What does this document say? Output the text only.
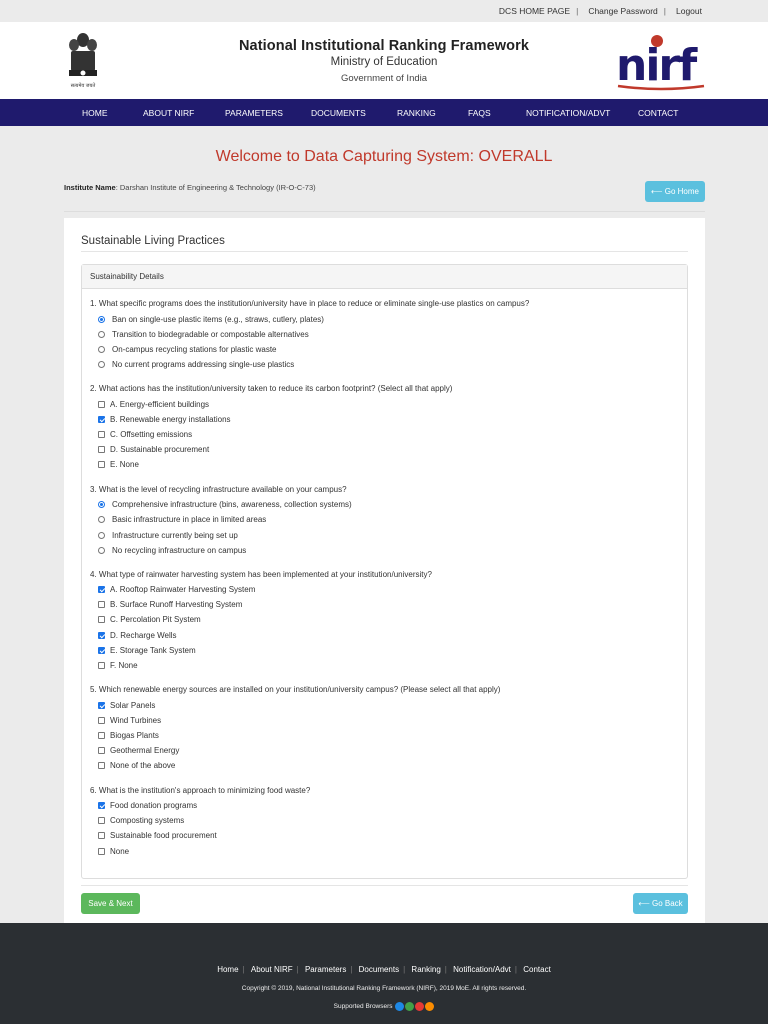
DCS HOME PAGE | Change Password | Logout
सत्यमेव जयते
National Institutional Ranking Framework
Ministry of Education
Government of India	nirf
HOME	ABOUT NIRF	PARAMETERS	DOCUMENTS	RANKING	FAQS	NOTIFICATION/ADVT	CONTACT
Welcome to Data Capturing System: OVERALL
Institute Name: Darshan Institute of Engineering & Technology (IR-O-C-73)	⟵ Go Home
Sustainable Living Practices
Sustainability Details
1. What specific programs does the institution/university have in place to reduce or eliminate single-use plastics on campus?
Ban on single-use plastic items (e.g., straws, cutlery, plates)
Transition to biodegradable or compostable alternatives
On-campus recycling stations for plastic waste
No current programs addressing single-use plastics
2. What actions has the institution/university taken to reduce its carbon footprint? (Select all that apply)
A. Energy-efficient buildings
B. Renewable energy installations
C. Offsetting emissions
D. Sustainable procurement
E. None
3. What is the level of recycling infrastructure available on your campus?
Comprehensive infrastructure (bins, awareness, collection systems)
Basic infrastructure in place in limited areas
Infrastructure currently being set up
No recycling infrastructure on campus
4. What type of rainwater harvesting system has been implemented at your institution/university?
A. Rooftop Rainwater Harvesting System
B. Surface Runoff Harvesting System
C. Percolation Pit System
D. Recharge Wells
E. Storage Tank System
F. None
5. Which renewable energy sources are installed on your institution/university campus? (Please select all that apply)
Solar Panels
Wind Turbines
Biogas Plants
Geothermal Energy
None of the above
6. What is the institution's approach to minimizing food waste?
Food donation programs
Composting systems
Sustainable food procurement
None
Save & Next	⟵ Go Back
Home | About NIRF | Parameters | Documents | Ranking | Notification/Advt | Contact
Copyright © 2019, National Institutional Ranking Framework (NIRF), 2019 MoE. All rights reserved.
Supported Browsers
